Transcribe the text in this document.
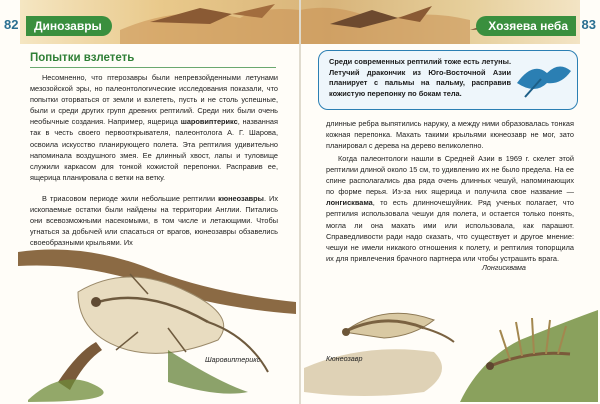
82	Динозавры	Хозяева неба	83
Попытки взлететь

Несомненно, что птерозавры были непревзойденными летунами мезозойской эры, но палеонтологические исследования показали, что попытки оторваться от земли и взлететь, пусть и не столь успешные, были и среди других групп древних рептилий. Среди них были очень необычные создания. Например, ящерица шаровиптерикс, названная так в честь своего первооткрывателя, палеонтолога А. Г. Шарова, освоила искусство планирующего полета. Эта рептилия удивительно напоминала воздушного змея. Ее длинный хвост, лапы и туловище служили каркасом для тонкой кожистой перепонки. Расправив ее, ящерица планировала с ветки на ветку.

В триасовом периоде жили небольшие рептилии кюнеозавры. Их ископаемые остатки были найдены на территории Англии. Питались они всевозможными насекомыми, в том числе и летающими. Чтобы угнаться за добычей или спасаться от врагов, кюнеозавры обзавелись своеобразными крыльями. Их

Шаровиптерикс
Среди современных рептилий тоже есть летуны. Летучий дракончик из Юго-Восточной Азии планирует с пальмы на пальму, расправив кожистую перепонку по бокам тела.

длинные ребра выпятились наружу, а между ними образовалась тонкая кожная перепонка. Махать такими крыльями кюнеозавр не мог, зато планировал с дерева на дерево великолепно.

Когда палеонтологи нашли в Средней Азии в 1969 г. скелет этой рептилии длиной около 15 см, то удивлению их не было предела. На ее спине располагались два ряда очень длинных чешуй, напоминающих по форме перья. Из-за них ящерица и получила свое название — лонгисквама, то есть длинночешуйник. Ряд ученых полагает, что рептилия использовала чешуи для полета, и остается только понять, могла ли она махать ими или использовала, как парашют. Справедливости ради надо сказать, что существует и другое мнение: чешуи не имели никакого отношения к полету, и рептилия топорщила их для привлечения брачного партнера или чтобы устрашить врага.

Лонгисквама
Кюнеозавр
